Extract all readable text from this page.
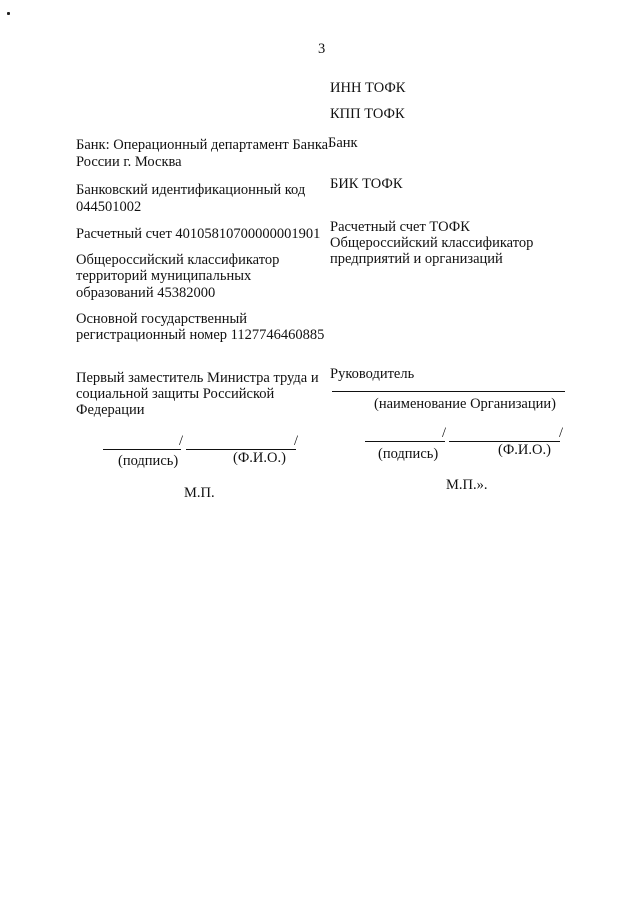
3
ИНН ТОФК
КПП ТОФК
Банк: Операционный департамент Банка
России г. Москва
Банковский идентификационный код
044501002
Расчетный счет 40105810700000001901
Общероссийский классификатор
территорий муниципальных
образований 45382000
Основной государственный
регистрационный номер 1127746460885
Первый заместитель Министра труда и
социальной защиты Российской
Федерации
/	/
(подпись)	(Ф.И.О.)
М.П.
Банк
БИК ТОФК
Расчетный счет ТОФК
Общероссийский классификатор
предприятий и организаций
Руководитель
(наименование Организации)
/	/
(подпись)	(Ф.И.О.)
М.П.».
